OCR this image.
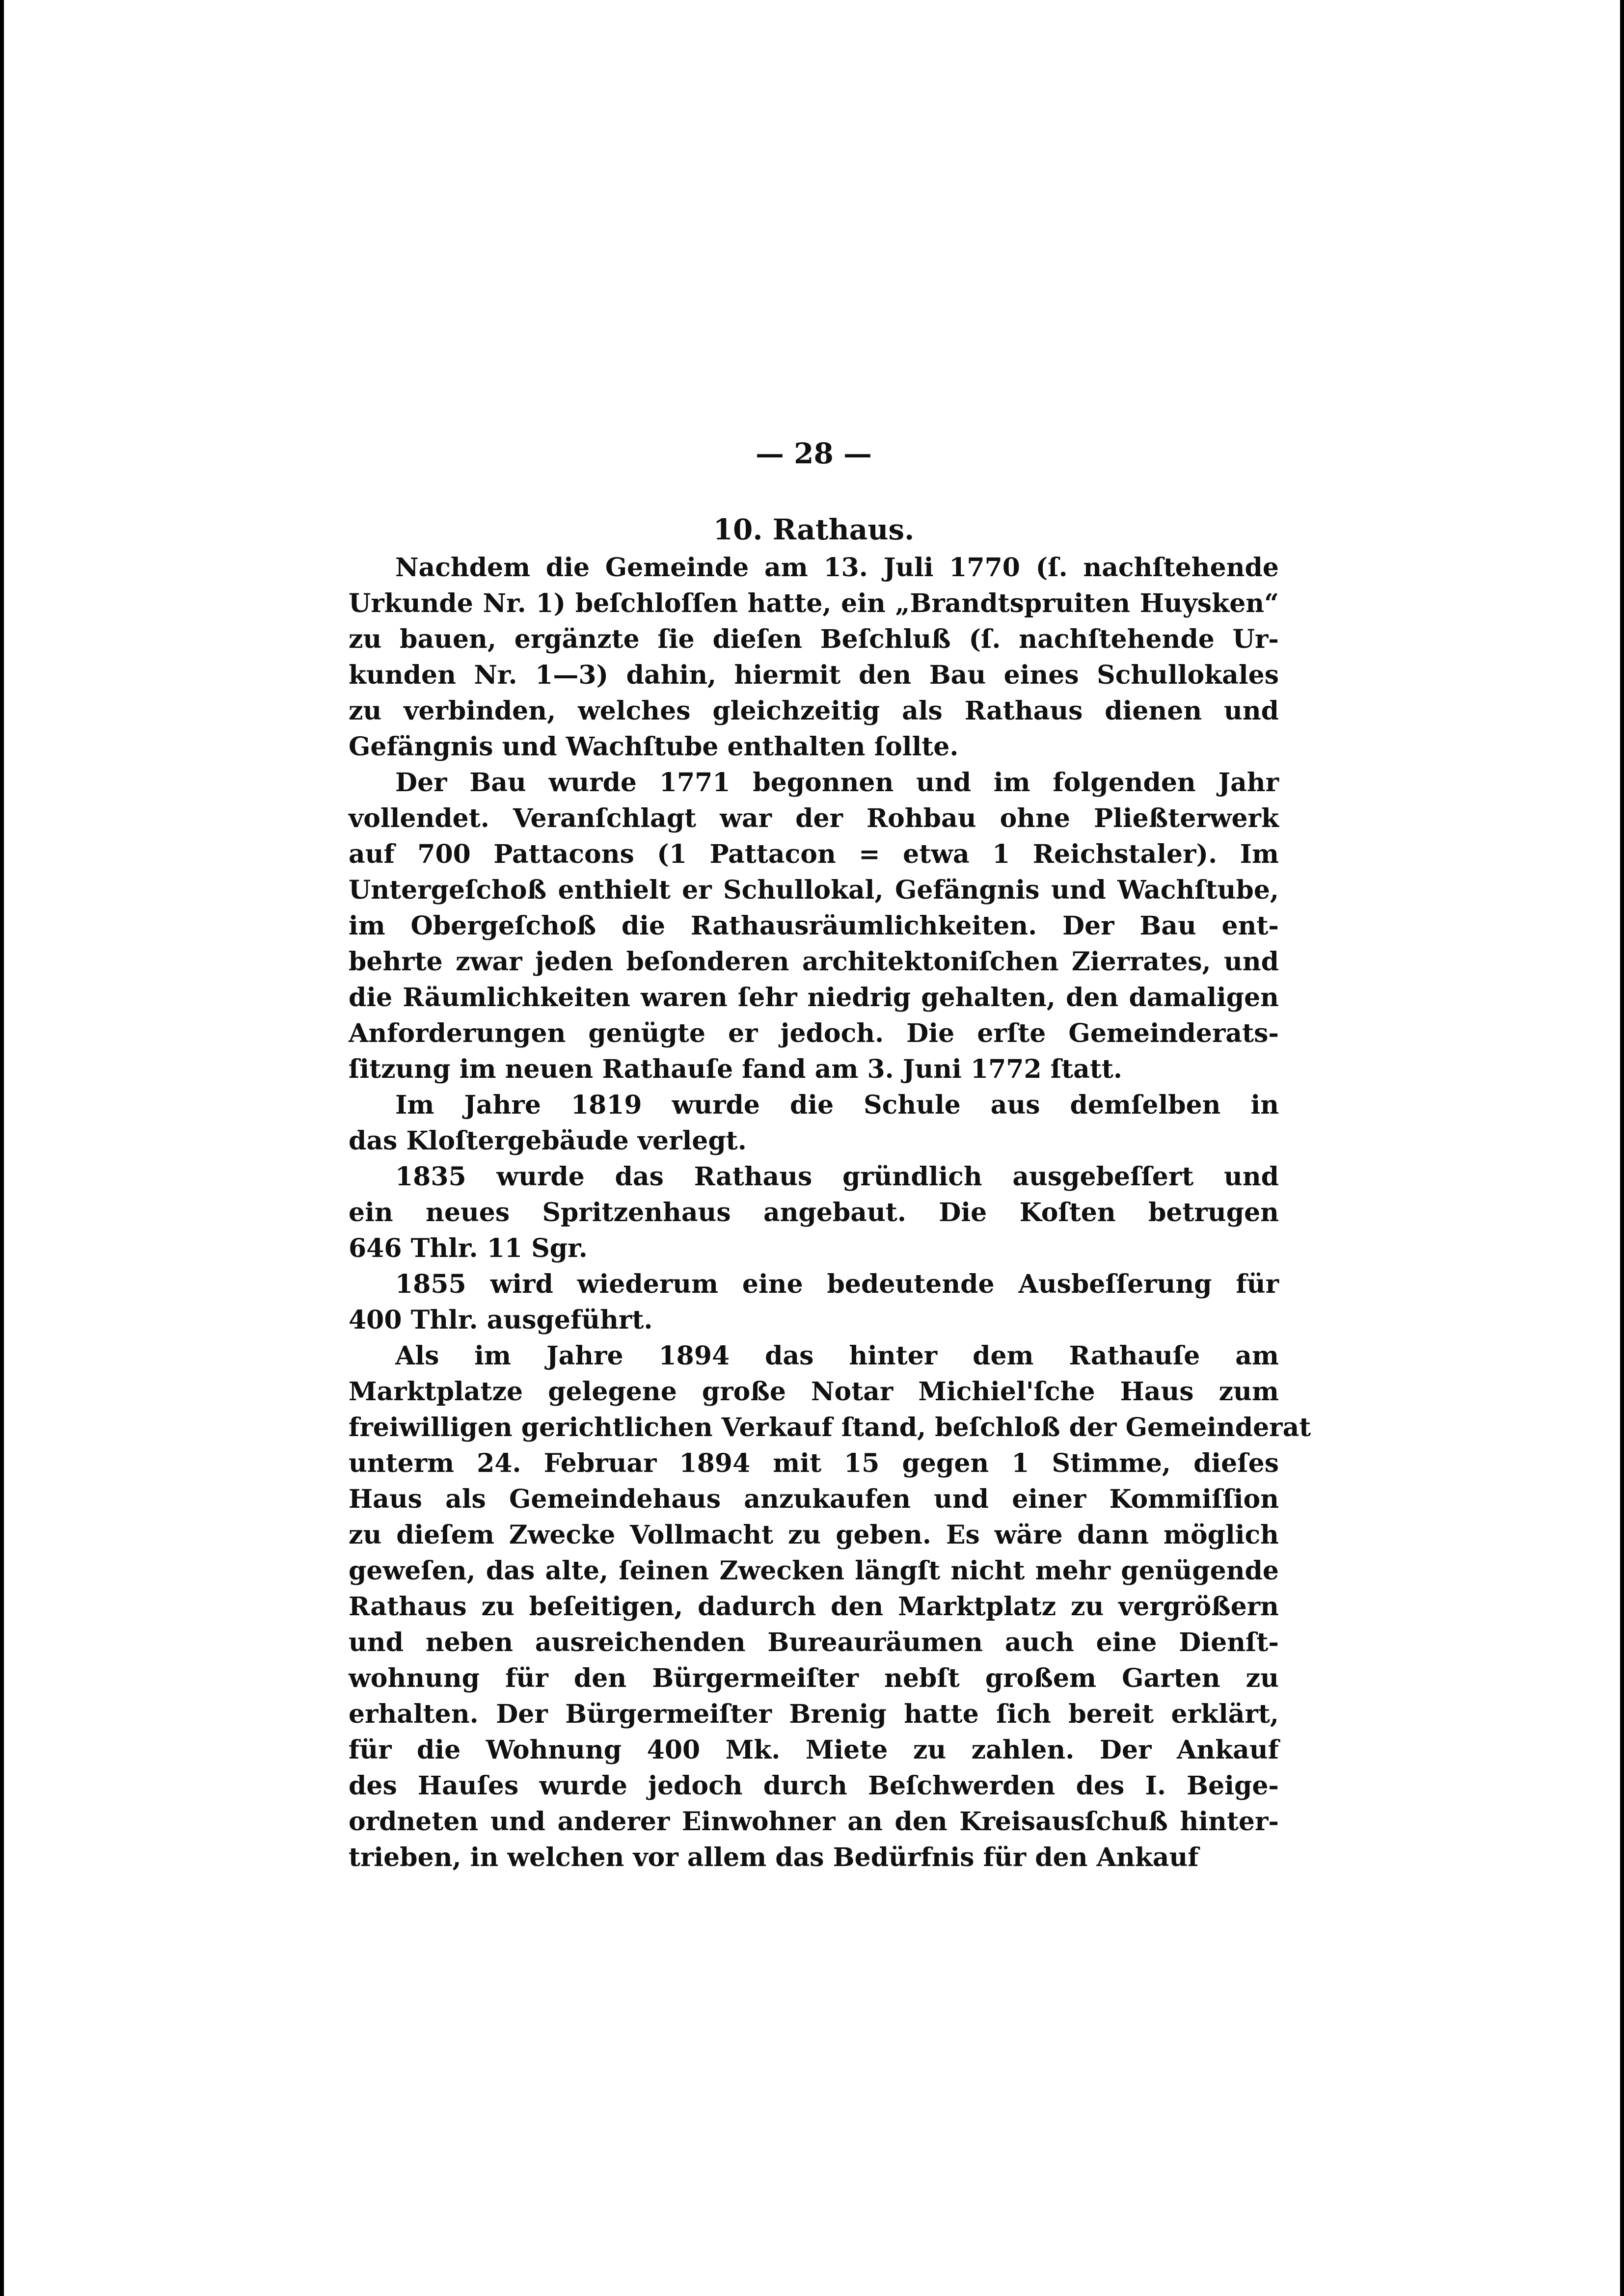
— 28 —
10. Rathaus.
Nachdem die Gemeinde am 13. Juli 1770 (ſ. nachſtehende
Urkunde Nr. 1) beſchloſſen hatte, ein „Brandtspruiten Huysken“
zu bauen, ergänzte ſie dieſen Beſchluß (ſ. nachſtehende Ur-
kunden Nr. 1—3) dahin, hiermit den Bau eines Schullokales
zu verbinden, welches gleichzeitig als Rathaus dienen und
Gefängnis und Wachſtube enthalten ſollte.
Der Bau wurde 1771 begonnen und im folgenden Jahr
vollendet. Veranſchlagt war der Rohbau ohne Pließterwerk
auf 700 Pattacons (1 Pattacon = etwa 1 Reichstaler). Im
Untergeſchoß enthielt er Schullokal, Gefängnis und Wachſtube,
im Obergeſchoß die Rathausräumlichkeiten. Der Bau ent-
behrte zwar jeden beſonderen architektoniſchen Zierrates, und
die Räumlichkeiten waren ſehr niedrig gehalten, den damaligen
Anforderungen genügte er jedoch. Die erſte Gemeinderats-
ſitzung im neuen Rathauſe fand am 3. Juni 1772 ſtatt.
Im Jahre 1819 wurde die Schule aus demſelben in
das Kloſtergebäude verlegt.
1835 wurde das Rathaus gründlich ausgebeſſert und
ein neues Spritzenhaus angebaut. Die Koſten betrugen
646 Thlr. 11 Sgr.
1855 wird wiederum eine bedeutende Ausbeſſerung für
400 Thlr. ausgeführt.
Als im Jahre 1894 das hinter dem Rathauſe am
Marktplatze gelegene große Notar Michiel'ſche Haus zum
freiwilligen gerichtlichen Verkauf ſtand, beſchloß der Gemeinderat
unterm 24. Februar 1894 mit 15 gegen 1 Stimme, dieſes
Haus als Gemeindehaus anzukaufen und einer Kommiſſion
zu dieſem Zwecke Vollmacht zu geben. Es wäre dann möglich
geweſen, das alte, ſeinen Zwecken längſt nicht mehr genügende
Rathaus zu beſeitigen, dadurch den Marktplatz zu vergrößern
und neben ausreichenden Bureauräumen auch eine Dienſt-
wohnung für den Bürgermeiſter nebſt großem Garten zu
erhalten. Der Bürgermeiſter Brenig hatte ſich bereit erklärt,
für die Wohnung 400 Mk. Miete zu zahlen. Der Ankauf
des Hauſes wurde jedoch durch Beſchwerden des I. Beige-
ordneten und anderer Einwohner an den Kreisausſchuß hinter-
trieben, in welchen vor allem das Bedürfnis für den Ankauf
